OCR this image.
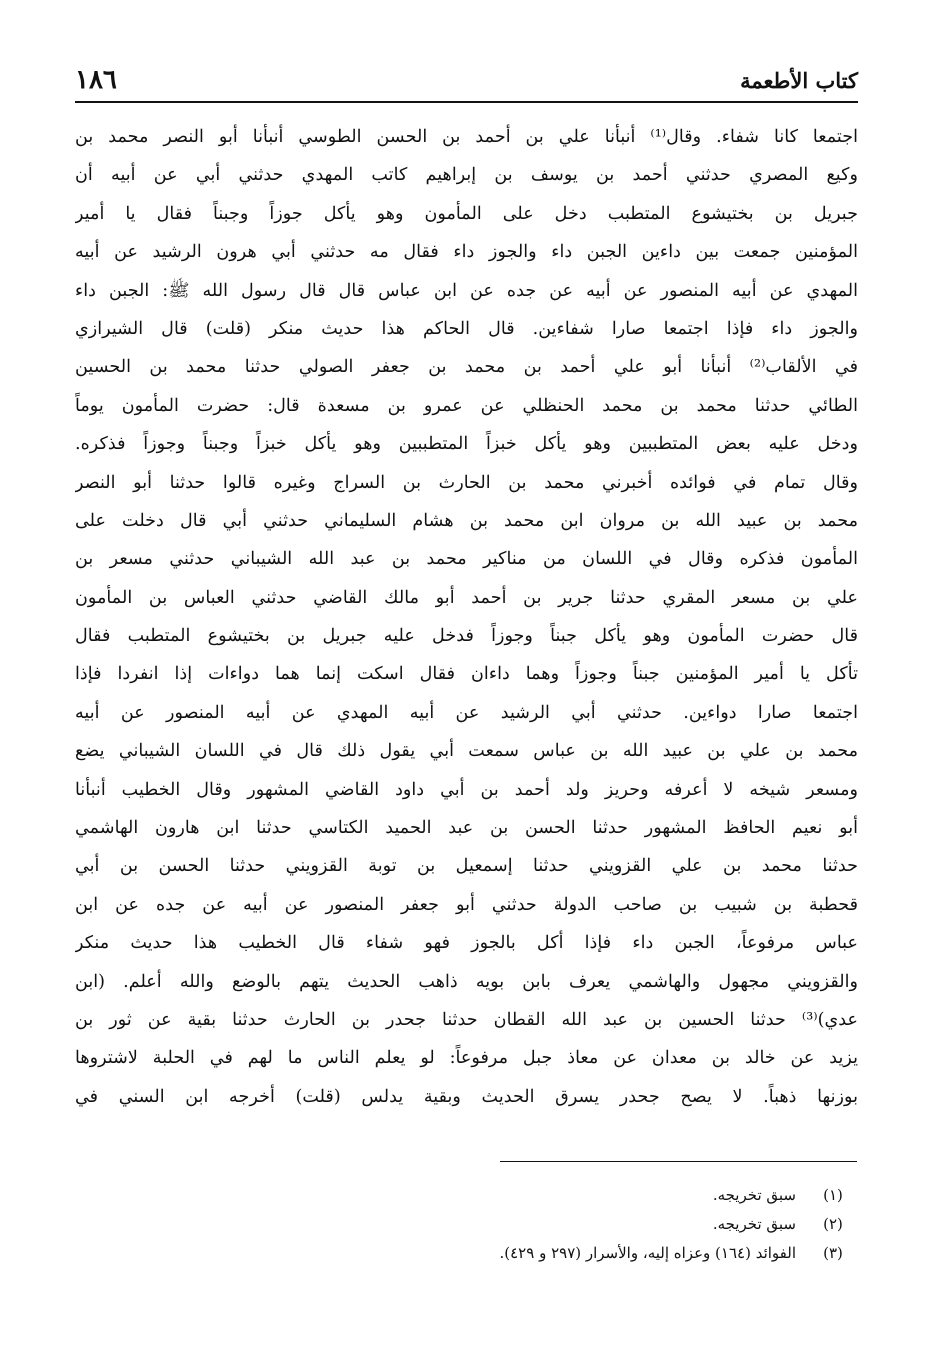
كتاب الأطعمة
١٨٦
اجتمعا كانا شفاء. وقال⁽¹⁾ أنبأنا علي بن أحمد بن الحسن الطوسي أنبأنا أبو النصر محمد بن
وكيع المصري حدثني أحمد بن يوسف بن إبراهيم كاتب المهدي حدثني أبي عن أبيه أن
جبريل بن بختيشوع المتطبب دخل على المأمون وهو يأكل جوزاً وجبناً فقال يا أمير
المؤمنين جمعت بين داءين الجبن داء والجوز داء فقال مه حدثني أبي هرون الرشيد عن أبيه
المهدي عن أبيه المنصور عن أبيه عن جده عن ابن عباس قال قال رسول الله ﷺ: الجبن داء
والجوز داء فإذا اجتمعا صارا شفاءين. قال الحاكم هذا حديث منكر (قلت) قال الشيرازي
في الألقاب⁽²⁾ أنبأنا أبو علي أحمد بن محمد بن جعفر الصولي حدثنا محمد بن الحسين
الطائي حدثنا محمد بن محمد الحنظلي عن عمرو بن مسعدة قال: حضرت المأمون يوماً
ودخل عليه بعض المتطببين وهو يأكل خبزاً المتطببين وهو يأكل خبزاً وجبناً وجوزاً فذكره.
وقال تمام في فوائده أخبرني محمد بن الحارث بن السراج وغيره قالوا حدثنا أبو النصر
محمد بن عبيد الله بن مروان ابن محمد بن هشام السليماني حدثني أبي قال دخلت على
المأمون فذكره وقال في اللسان من مناكير محمد بن عبد الله الشيباني حدثني مسعر بن
علي بن مسعر المقري حدثنا جرير بن أحمد أبو مالك القاضي حدثني العباس بن المأمون
قال حضرت المأمون وهو يأكل جبناً وجوزاً فدخل عليه جبريل بن بختيشوع المتطبب فقال
تأكل يا أمير المؤمنين جبناً وجوزاً وهما داءان فقال اسكت إنما هما دواءات إذا انفردا فإذا
اجتمعا صارا دواءين. حدثني أبي الرشيد عن أبيه المهدي عن أبيه المنصور عن أبيه
محمد بن علي بن عبيد الله بن عباس سمعت أبي يقول ذلك قال في اللسان الشيباني يضع
ومسعر شيخه لا أعرفه وحريز ولد أحمد بن أبي داود القاضي المشهور وقال الخطيب أنبأنا
أبو نعيم الحافظ المشهور حدثنا الحسن بن عبد الحميد الكتاسي حدثنا ابن هارون الهاشمي
حدثنا محمد بن علي القزويني حدثنا إسمعيل بن توبة القزويني حدثنا الحسن بن أبي
قحطبة بن شبيب بن صاحب الدولة حدثني أبو جعفر المنصور عن أبيه عن جده عن ابن
عباس مرفوعاً، الجبن داء فإذا أكل بالجوز فهو شفاء قال الخطيب هذا حديث منكر
والقزويني مجهول والهاشمي يعرف بابن بويه ذاهب الحديث يتهم بالوضع والله أعلم. (ابن
عدي)⁽³⁾ حدثنا الحسين بن عبد الله القطان حدثنا جحدر بن الحارث حدثنا بقية عن ثور بن
يزيد عن خالد بن معدان عن معاذ جبل مرفوعاً: لو يعلم الناس ما لهم في الحلبة لاشتروها
بوزنها ذهباً. لا يصح جحدر يسرق الحديث وبقية يدلس (قلت) أخرجه ابن السني في
(١)
سبق تخريجه.
(٢)
سبق تخريجه.
(٣)
الفوائد (١٦٤) وعزاه إليه، والأسرار (٢٩٧ و ٤٢٩).
